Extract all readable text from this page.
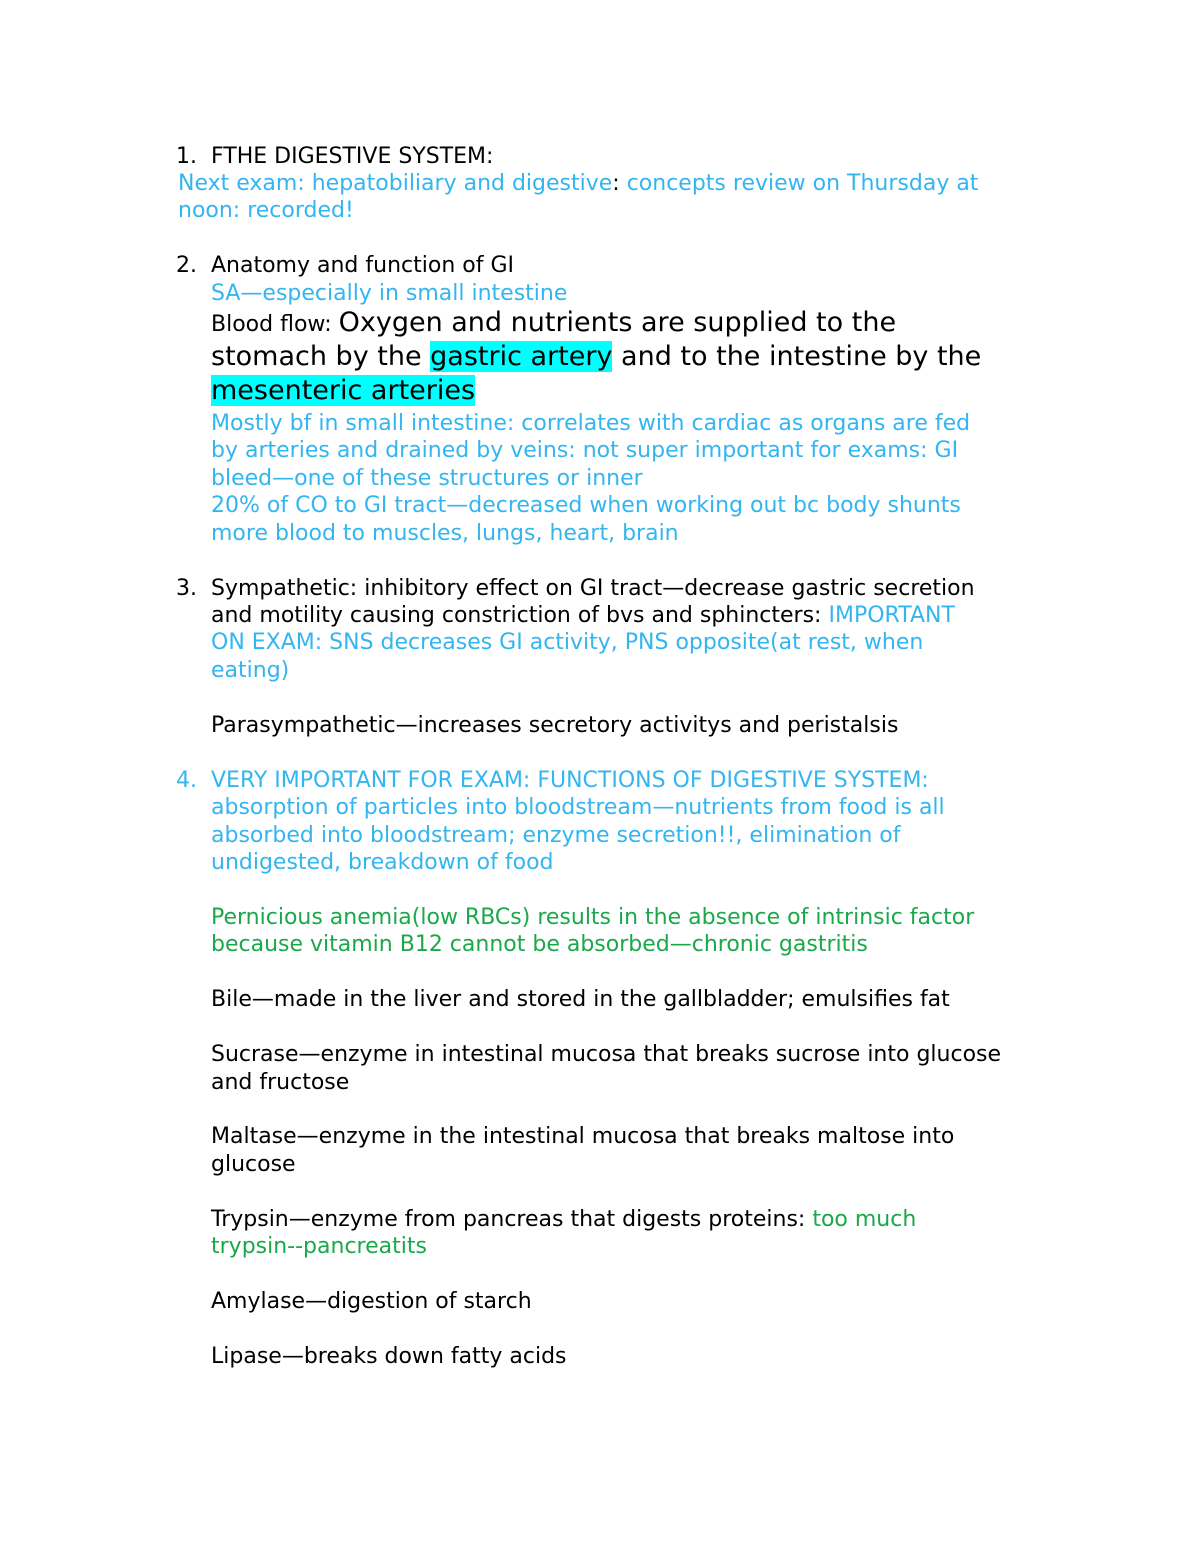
1. FTHE DIGESTIVE SYSTEM:
Next exam: hepatobiliary and digestive: concepts review on Thursday at
noon: recorded!
2. Anatomy and function of GI
SA—especially in small intestine
Blood flow: Oxygen and nutrients are supplied to the
stomach by the gastric artery and to the intestine by the
mesenteric arteries
Mostly bf in small intestine: correlates with cardiac as organs are fed
by arteries and drained by veins: not super important for exams: GI
bleed—one of these structures or inner
20% of CO to GI tract—decreased when working out bc body shunts
more blood to muscles, lungs, heart, brain
3. Sympathetic: inhibitory effect on GI tract—decrease gastric secretion
and motility causing constriction of bvs and sphincters: IMPORTANT
ON EXAM: SNS decreases GI activity, PNS opposite(at rest, when
eating)
Parasympathetic—increases secretory activitys and peristalsis
4. VERY IMPORTANT FOR EXAM: FUNCTIONS OF DIGESTIVE SYSTEM:
absorption of particles into bloodstream—nutrients from food is all
absorbed into bloodstream; enzyme secretion!!, elimination of
undigested, breakdown of food
Pernicious anemia(low RBCs) results in the absence of intrinsic factor
because vitamin B12 cannot be absorbed—chronic gastritis
Bile—made in the liver and stored in the gallbladder; emulsifies fat
Sucrase—enzyme in intestinal mucosa that breaks sucrose into glucose
and fructose
Maltase—enzyme in the intestinal mucosa that breaks maltose into
glucose
Trypsin—enzyme from pancreas that digests proteins: too much
trypsin--pancreatits
Amylase—digestion of starch
Lipase—breaks down fatty acids
